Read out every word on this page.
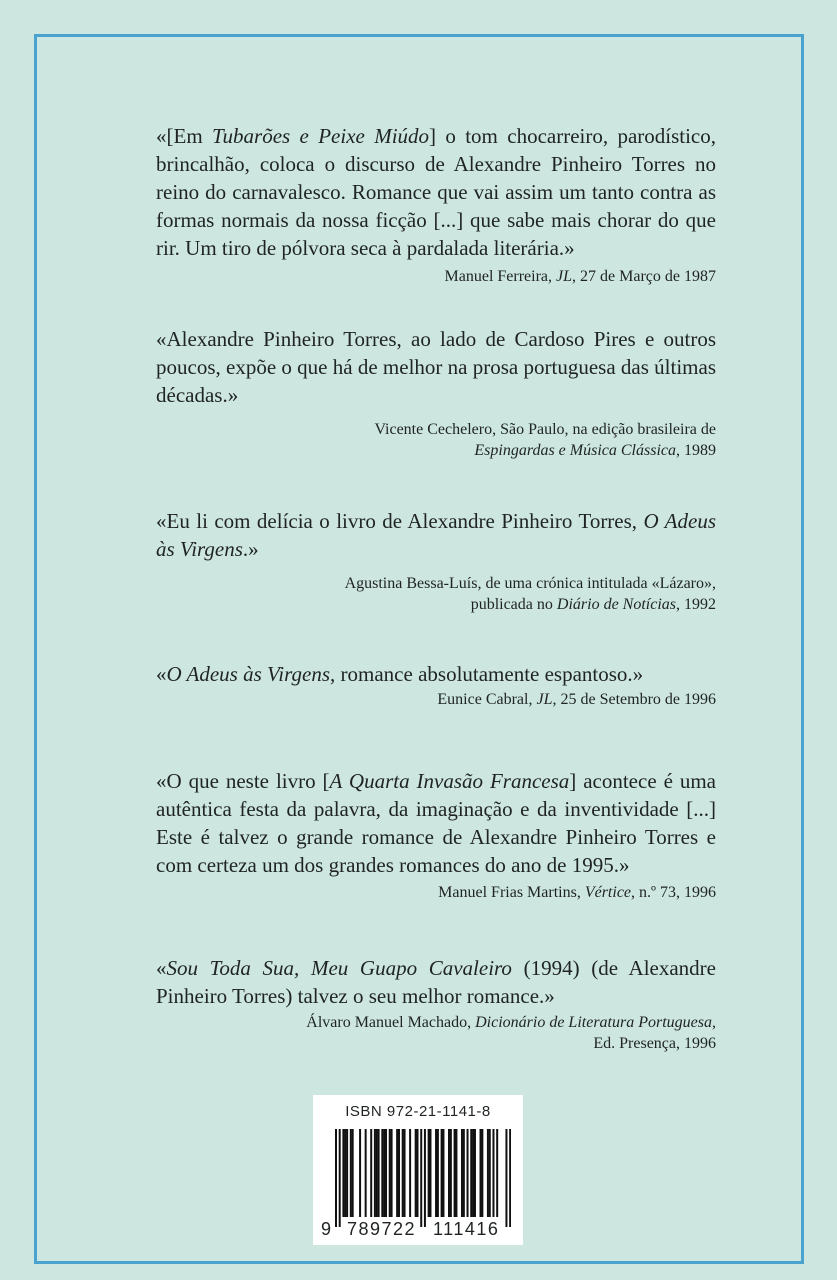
«[Em Tubarões e Peixe Miúdo] o tom chocarreiro, parodístico, brincalhão, coloca o discurso de Alexandre Pinheiro Torres no reino do carnavalesco. Romance que vai assim um tanto contra as formas normais da nossa ficção [...] que sabe mais chorar do que rir. Um tiro de pólvora seca à pardalada literária.»

Manuel Ferreira, JL, 27 de Março de 1987

«Alexandre Pinheiro Torres, ao lado de Cardoso Pires e outros poucos, expõe o que há de melhor na prosa portuguesa das últimas décadas.»

Vicente Cechelero, São Paulo, na edição brasileira de
Espingardas e Música Clássica, 1989

«Eu li com delícia o livro de Alexandre Pinheiro Torres, O Adeus às Virgens.»

Agustina Bessa-Luís, de uma crónica intitulada «Lázaro»,
publicada no Diário de Notícias, 1992

«O Adeus às Virgens, romance absolutamente espantoso.»

Eunice Cabral, JL, 25 de Setembro de 1996

«O que neste livro [A Quarta Invasão Francesa] acontece é uma autêntica festa da palavra, da imaginação e da inventividade [...] Este é talvez o grande romance de Alexandre Pinheiro Torres e com certeza um dos grandes romances do ano de 1995.»

Manuel Frias Martins, Vértice, n.º 73, 1996

«Sou Toda Sua, Meu Guapo Cavaleiro (1994) (de Alexandre Pinheiro Torres) talvez o seu melhor romance.»

Álvaro Manuel Machado, Dicionário de Literatura Portuguesa,
Ed. Presença, 1996
ISBN 972-21-1141-8
9 789722 111416
